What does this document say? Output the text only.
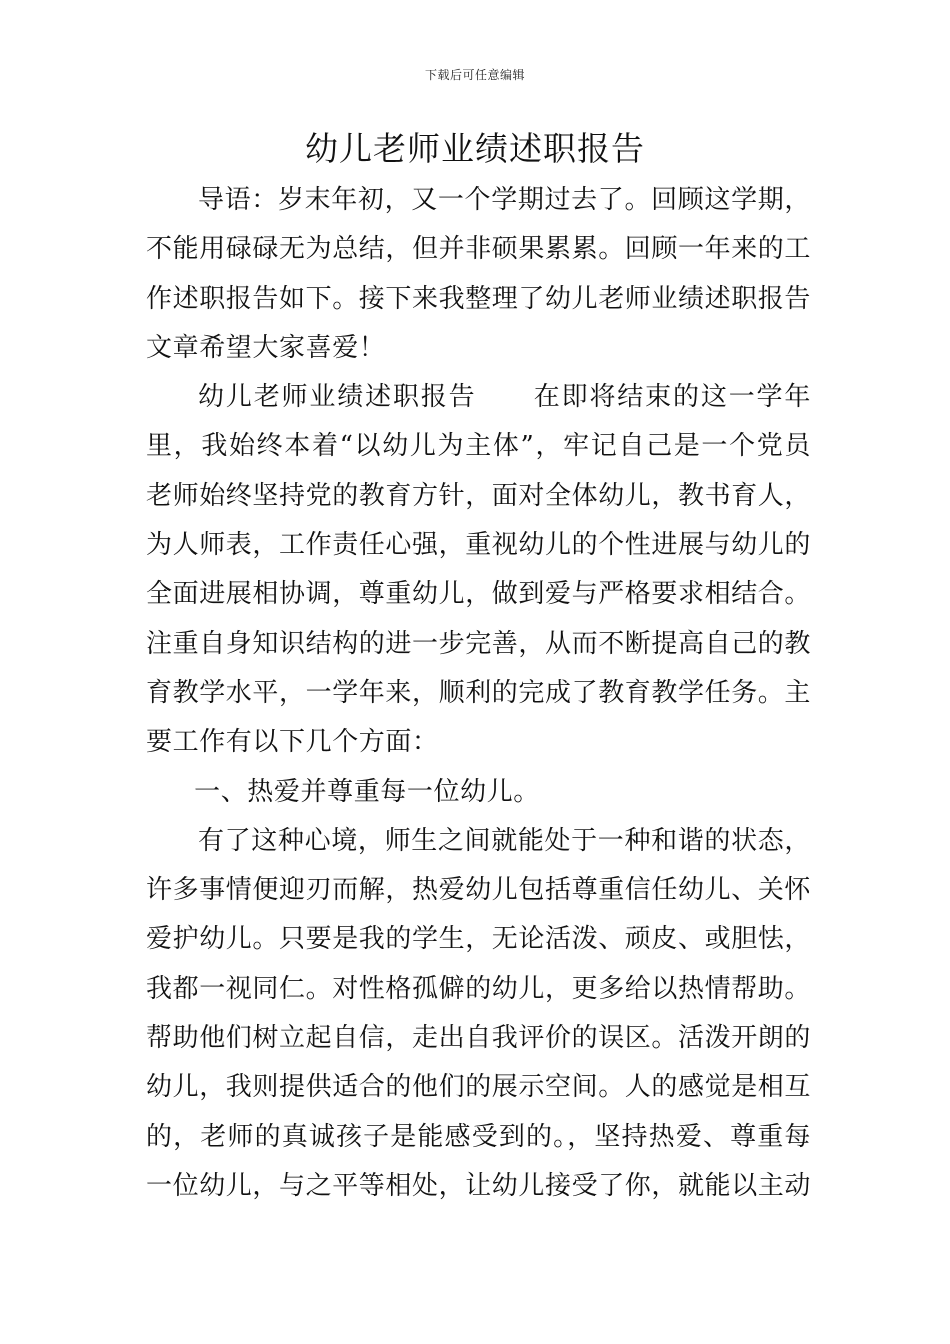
下载后可任意编辑
幼儿老师业绩述职报告

导语：岁末年初，又一个学期过去了。回顾这学期，不能用碌碌无为总结，但并非硕果累累。回顾一年来的工作述职报告如下。接下来我整理了幼儿老师业绩述职报告文章希望大家喜爱！

幼儿老师业绩述职报告 在即将结束的这一学年里，我始终本着“以幼儿为主体”，牢记自己是一个党员老师始终坚持党的教育方针，面对全体幼儿，教书育人，为人师表，工作责任心强，重视幼儿的个性进展与幼儿的全面进展相协调，尊重幼儿，做到爱与严格要求相结合。注重自身知识结构的进一步完善，从而不断提高自己的教育教学水平，一学年来，顺利的完成了教育教学任务。主要工作有以下几个方面：

一、热爱并尊重每一位幼儿。

有了这种心境，师生之间就能处于一种和谐的状态，许多事情便迎刃而解，热爱幼儿包括尊重信任幼儿、关怀爱护幼儿。只要是我的学生，无论活泼、顽皮、或胆怯，我都一视同仁。对性格孤僻的幼儿，更多给以热情帮助。帮助他们树立起自信，走出自我评价的误区。活泼开朗的幼儿，我则提供适合的他们的展示空间。人的感觉是相互的，老师的真诚孩子是能感受到的。，坚持热爱、尊重每一位幼儿，与之平等相处，让幼儿接受了你，就能以主动
